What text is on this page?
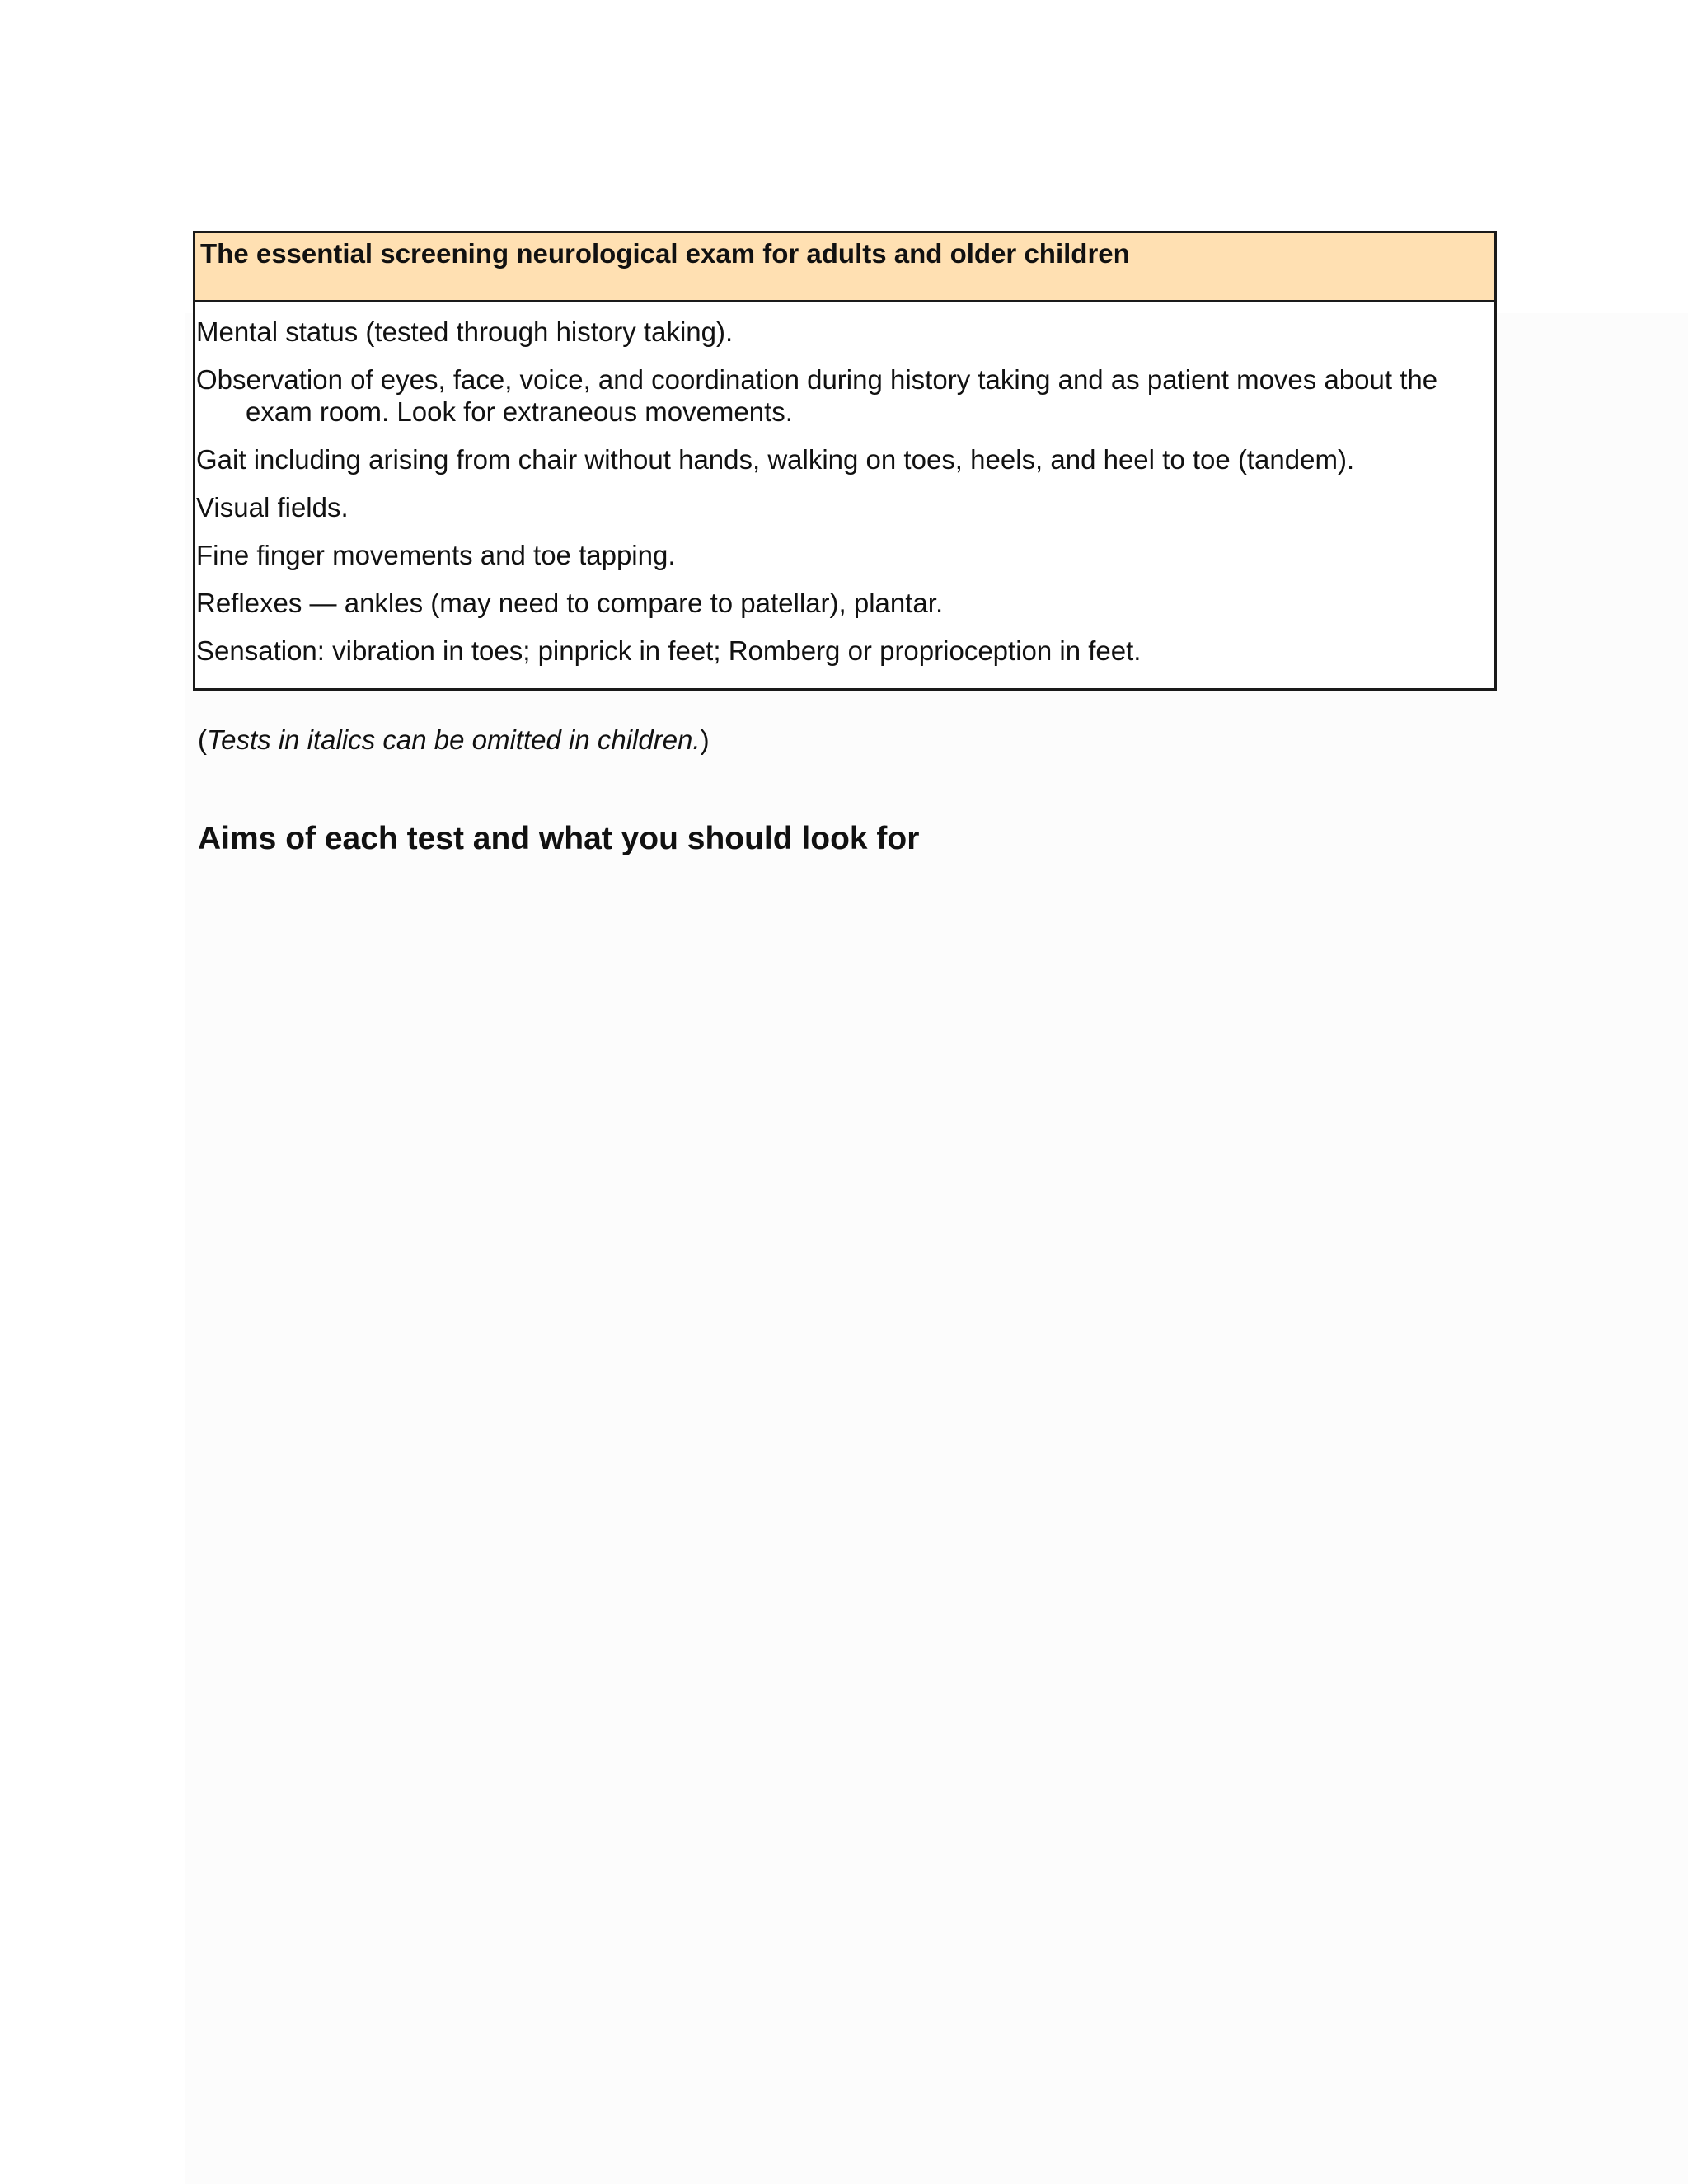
The essential screening neurological exam for adults and older children
Mental status (tested through history taking).
Observation of eyes, face, voice, and coordination during history taking and as patient moves about the exam room. Look for extraneous movements.
Gait including arising from chair without hands, walking on toes, heels, and heel to toe (tandem).
Visual fields.
Fine finger movements and toe tapping.
Reflexes — ankles (may need to compare to patellar), plantar.
Sensation: vibration in toes; pinprick in feet; Romberg or proprioception in feet.
(Tests in italics can be omitted in children.)
Aims of each test and what you should look for
